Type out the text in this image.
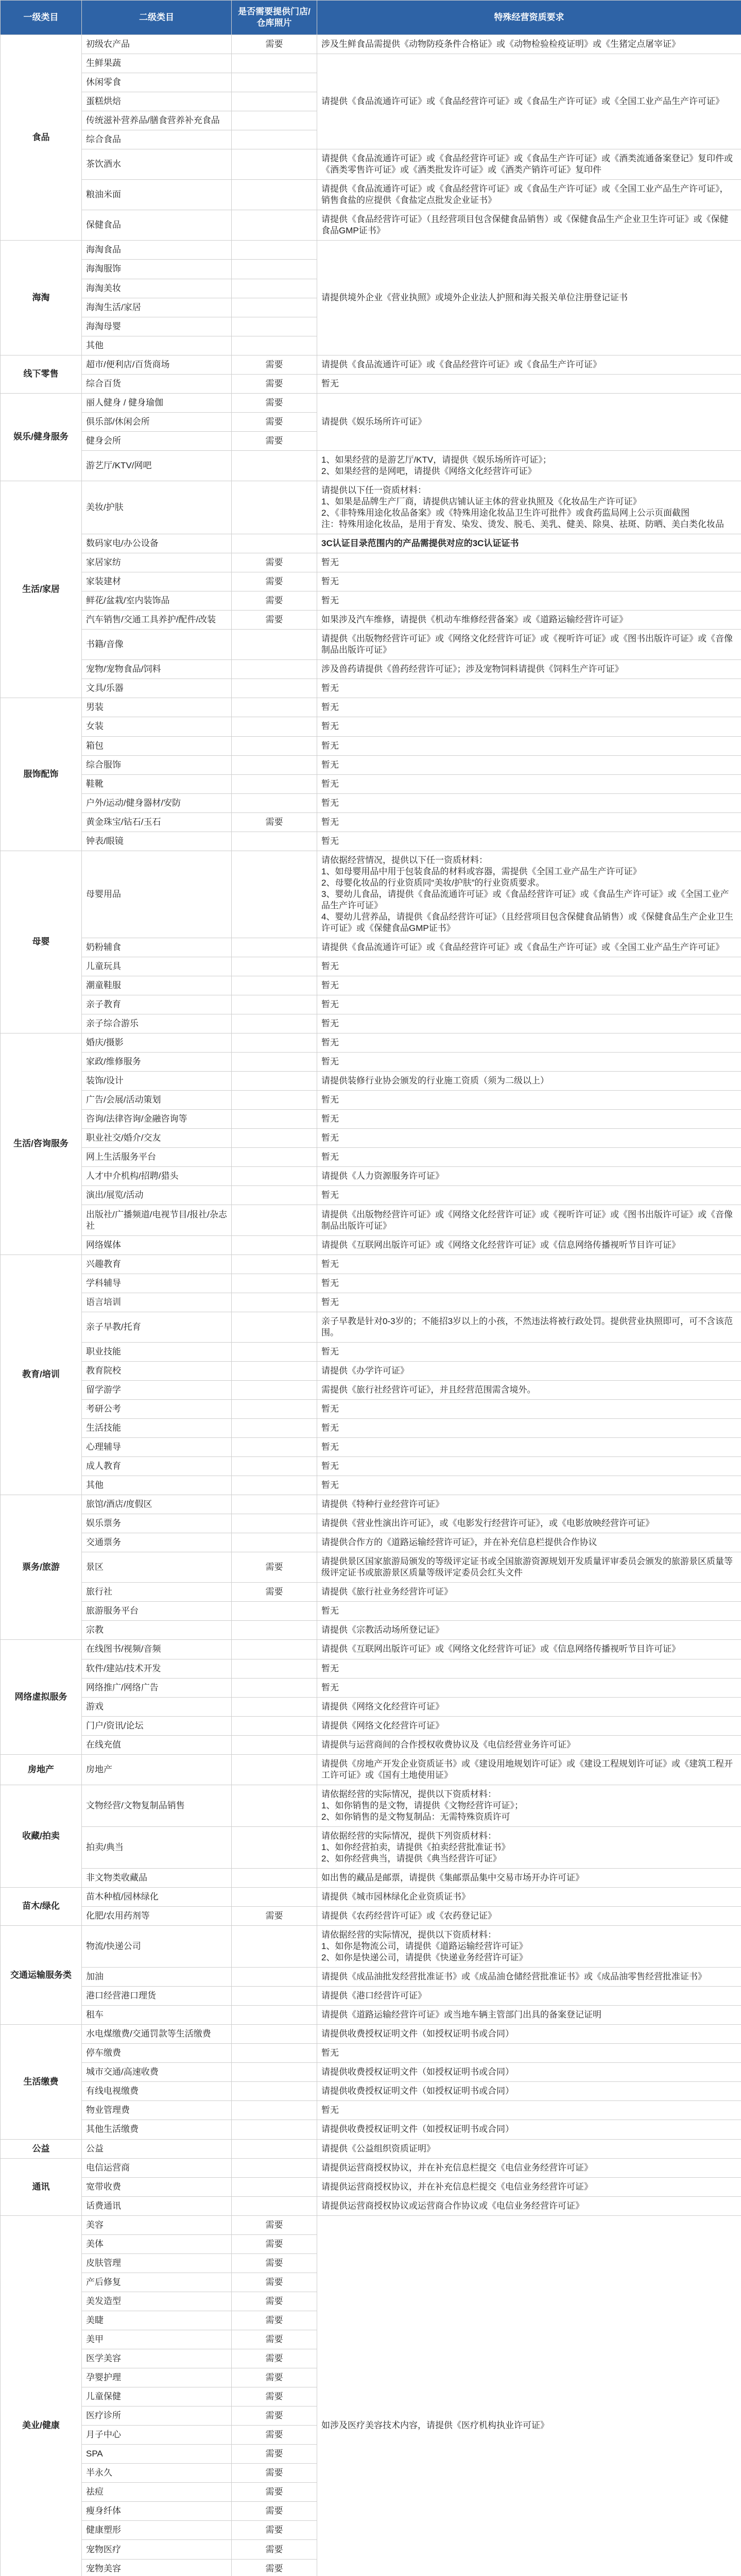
一级类目	二级类目	是否需要提供门店/仓库照片	特殊经营资质要求
食品	初级农产品	需要	涉及生鲜食品需提供《动物防疫条件合格证》或《动物检验检疫证明》或《生猪定点屠宰证》
	生鲜果蔬		请提供《食品流通许可证》或《食品经营许可证》或《食品生产许可证》或《全国工业产品生产许可证》
	休闲零食		
	蛋糕烘焙		
	传统滋补营养品/膳食营养补充食品		
	综合食品		
	茶饮酒水		请提供《食品流通许可证》或《食品经营许可证》或《食品生产许可证》或《酒类流通备案登记》复印件或《酒类零售许可证》或《酒类批发许可证》或《酒类产销许可证》复印件
	粮油米面		请提供《食品流通许可证》或《食品经营许可证》或《食品生产许可证》或《全国工业产品生产许可证》，销售食盐的应提供《食盐定点批发企业证书》
	保健食品		请提供《食品经营许可证》（且经营项目包含保健食品销售）或《保健食品生产企业卫生许可证》或《保健食品GMP证书》
海淘	海淘食品		请提供境外企业《营业执照》或境外企业法人护照和海关报关单位注册登记证书
	海淘服饰		
	海淘美妆		
	海淘生活/家居		
	海淘母婴		
	其他		
线下零售	超市/便利店/百货商场	需要	请提供《食品流通许可证》或《食品经营许可证》或《食品生产许可证》
	综合百货	需要	暂无
娱乐/健身服务	丽人健身 / 健身瑜伽	需要	请提供《娱乐场所许可证》
	俱乐部/休闲会所	需要	
	健身会所	需要	
	游艺厅/KTV/网吧		1、如果经营的是游艺厅/KTV，请提供《娱乐场所许可证》；
2、如果经营的是网吧，请提供《网络文化经营许可证》
生活/家居	美妆/护肤		请提供以下任一资质材料：
1、如果是品牌生产厂商，请提供店铺认证主体的营业执照及《化妆品生产许可证》
2、《非特殊用途化妆品备案》或《特殊用途化妆品卫生许可批件》或食药监局网上公示页面截图
注：特殊用途化妆品，是用于育发、染发、烫发、脱毛、美乳、健美、除臭、祛斑、防晒、美白类化妆品
	数码家电/办公设备		3C认证目录范围内的产品需提供对应的3C认证证书
	家居家纺	需要	暂无
	家装建材	需要	暂无
	鲜花/盆栽/室内装饰品	需要	暂无
	汽车销售/交通工具养护/配件/改装	需要	如果涉及汽车维修，请提供《机动车维修经营备案》或《道路运输经营许可证》
	书籍/音像		请提供《出版物经营许可证》或《网络文化经营许可证》或《视听许可证》或《图书出版许可证》或《音像制品出版许可证》
	宠物/宠物食品/饲料		涉及兽药请提供《兽药经营许可证》；涉及宠物饲料请提供《饲料生产许可证》
	文具/乐器		暂无
服饰配饰	男装		暂无
	女装		暂无
	箱包		暂无
	综合服饰		暂无
	鞋靴		暂无
	户外/运动/健身器材/安防		暂无
	黄金珠宝/钻石/玉石	需要	暂无
	钟表/眼镜		暂无
母婴	母婴用品		请依据经营情况，提供以下任一资质材料：
1、如母婴用品中用于包装食品的材料或容器，需提供《全国工业产品生产许可证》
2、母婴化妆品的行业资质同“美妆/护肤”的行业资质要求。
3、婴幼儿食品，请提供《食品流通许可证》或《食品经营许可证》或《食品生产许可证》或《全国工业产品生产许可证》
4、婴幼儿营养品，请提供《食品经营许可证》（且经营项目包含保健食品销售）或《保健食品生产企业卫生许可证》或《保健食品GMP证书》
	奶粉辅食		请提供《食品流通许可证》或《食品经营许可证》或《食品生产许可证》或《全国工业产品生产许可证》
	儿童玩具		暂无
	潮童鞋服		暂无
	亲子教育		暂无
	亲子综合游乐		暂无
生活/咨询服务	婚庆/摄影		暂无
	家政/维修服务		暂无
	装饰/设计		请提供装修行业协会颁发的行业施工资质（须为二级以上）
	广告/会展/活动策划		暂无
	咨询/法律咨询/金融咨询等		暂无
	职业社交/婚介/交友		暂无
	网上生活服务平台		暂无
	人才中介机构/招聘/猎头		请提供《人力资源服务许可证》
	演出/展览/活动		暂无
	出版社/广播频道/电视节目/报社/杂志社		请提供《出版物经营许可证》或《网络文化经营许可证》或《视听许可证》或《图书出版许可证》或《音像制品出版许可证》
	网络媒体		请提供《互联网出版许可证》或《网络文化经营许可证》或《信息网络传播视听节目许可证》
教育/培训	兴趣教育		暂无
	学科辅导		暂无
	语言培训		暂无
	亲子早教/托育		亲子早教是针对0-3岁的；不能招3岁以上的小孩，不然违法将被行政处罚。提供营业执照即可，可不含该范围。
	职业技能		暂无
	教育院校		请提供《办学许可证》
	留学游学		需提供《旅行社经营许可证》，并且经营范围需含境外。
	考研公考		暂无
	生活技能		暂无
	心理辅导		暂无
	成人教育		暂无
	其他		暂无
票务/旅游	旅馆/酒店/度假区		请提供《特种行业经营许可证》
	娱乐票务		请提供《营业性演出许可证》，或《电影发行经营许可证》，或《电影放映经营许可证》
	交通票务		请提供合作方的《道路运输经营许可证》，并在补充信息栏提供合作协议
	景区	需要	请提供景区国家旅游局颁发的等级评定证书或全国旅游资源规划开发质量评审委员会颁发的旅游景区质量等级评定证书或旅游景区质量等级评定委员会红头文件
	旅行社	需要	请提供《旅行社业务经营许可证》
	旅游服务平台		暂无
	宗教		请提供《宗教活动场所登记证》
网络虚拟服务	在线图书/视频/音频		请提供《互联网出版许可证》或《网络文化经营许可证》或《信息网络传播视听节目许可证》
	软件/建站/技术开发		暂无
	网络推广/网络广告		暂无
	游戏		请提供《网络文化经营许可证》
	门户/资讯/论坛		请提供《网络文化经营许可证》
	在线充值		请提供与运营商间的合作授权收费协议及《电信经营业务许可证》
房地产	房地产		请提供《房地产开发企业资质证书》或《建设用地规划许可证》或《建设工程规划许可证》或《建筑工程开工许可证》或《国有土地使用证》
收藏/拍卖	文物经营/文物复制品销售		请依据经营的实际情况，提供以下资质材料：
1、如你销售的是文物，请提供《文物经营许可证》；
2、如你销售的是文物复制品：无需特殊资质许可
	拍卖/典当		请依据经营的实际情况，提供下列资质材料：
1、如你经营拍卖，请提供《拍卖经营批准证书》
2、如你经营典当，请提供《典当经营许可证》
	非文物类收藏品		如出售的藏品是邮票，请提供《集邮票品集中交易市场开办许可证》
苗木/绿化	苗木种植/园林绿化		请提供《城市园林绿化企业资质证书》
	化肥/农用药剂等	需要	请提供《农药经营许可证》或《农药登记证》
交通运输服务类	物流/快递公司		请依据经营的实际情况，提供以下资质材料：
1、如你是物流公司，请提供《道路运输经营许可证》
2、如你是快递公司，请提供《快递业务经营许可证》
	加油		请提供《成品油批发经营批准证书》或《成品油仓储经营批准证书》或《成品油零售经营批准证书》
	港口经营港口理货		请提供《港口经营许可证》
	租车		请提供《道路运输经营许可证》或当地车辆主管部门出具的备案登记证明
生活缴费	水电煤缴费/交通罚款等生活缴费		请提供收费授权证明文件（如授权证明书或合同）
	停车缴费		暂无
	城市交通/高速收费		请提供收费授权证明文件（如授权证明书或合同）
	有线电视缴费		请提供收费授权证明文件（如授权证明书或合同）
	物业管理费		暂无
	其他生活缴费		请提供收费授权证明文件（如授权证明书或合同）
公益	公益		请提供《公益组织资质证明》
通讯	电信运营商		请提供运营商授权协议，并在补充信息栏提交《电信业务经营许可证》
	宽带收费		请提供运营商授权协议，并在补充信息栏提交《电信业务经营许可证》
	话费通讯		请提供运营商授权协议或运营商合作协议或《电信业务经营许可证》
美业/健康	美容	需要	如涉及医疗美容技术内容，请提供《医疗机构执业许可证》
	美体	需要	
	皮肤管理	需要	
	产后修复	需要	
	美发造型	需要	
	美睫	需要	
	美甲	需要	
	医学美容	需要	
	孕婴护理	需要	
	儿童保健	需要	
	医疗诊所	需要	
	月子中心	需要	
	SPA	需要	
	半永久	需要	
	祛痘	需要	
	瘦身纤体	需要	
	健康塑形	需要	
	宠物医疗	需要	
	宠物美容	需要	
